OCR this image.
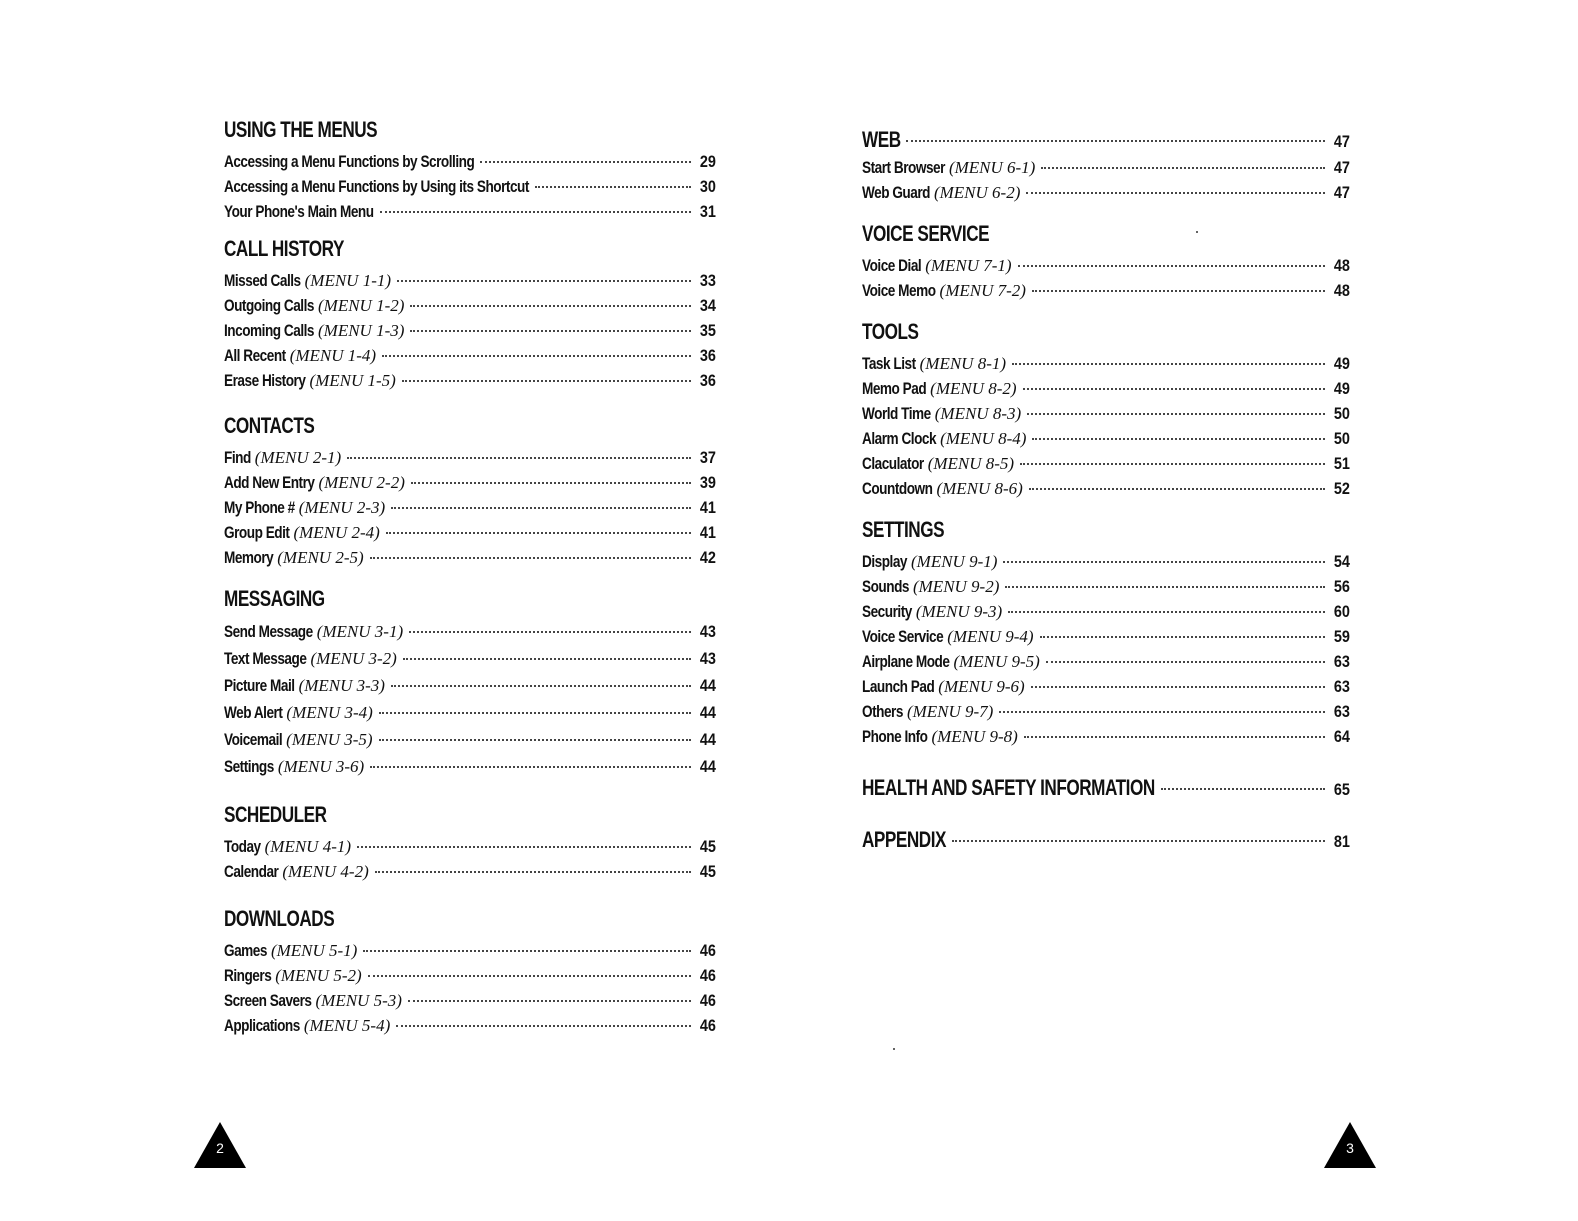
USING THE MENUS
Accessing a Menu Functions by Scrolling	29
Accessing a Menu Functions by Using its Shortcut	30
Your Phone's Main Menu	31
CALL HISTORY
Missed Calls (MENU 1-1)	33
Outgoing Calls (MENU 1-2)	34
Incoming Calls (MENU 1-3)	35
All Recent (MENU 1-4)	36
Erase History (MENU 1-5)	36
CONTACTS
Find (MENU 2-1)	37
Add New Entry (MENU 2-2)	39
My Phone # (MENU 2-3)	41
Group Edit (MENU 2-4)	41
Memory (MENU 2-5)	42
MESSAGING
Send Message (MENU 3-1)	43
Text Message (MENU 3-2)	43
Picture Mail (MENU 3-3)	44
Web Alert (MENU 3-4)	44
Voicemail (MENU 3-5)	44
Settings (MENU 3-6)	44
SCHEDULER
Today (MENU 4-1)	45
Calendar (MENU 4-2)	45
DOWNLOADS
Games (MENU 5-1)	46
Ringers (MENU 5-2)	46
Screen Savers (MENU 5-3)	46
Applications (MENU 5-4)	46
WEB	47
Start Browser (MENU 6-1)	47
Web Guard (MENU 6-2)	47
VOICE SERVICE
Voice Dial (MENU 7-1)	48
Voice Memo (MENU 7-2)	48
TOOLS
Task List (MENU 8-1)	49
Memo Pad (MENU 8-2)	49
World Time (MENU 8-3)	50
Alarm Clock (MENU 8-4)	50
Claculator (MENU 8-5)	51
Countdown (MENU 8-6)	52
SETTINGS
Display (MENU 9-1)	54
Sounds (MENU 9-2)	56
Security (MENU 9-3)	60
Voice Service (MENU 9-4)	59
Airplane Mode (MENU 9-5)	63
Launch Pad (MENU 9-6)	63
Others (MENU 9-7)	63
Phone Info (MENU 9-8)	64
HEALTH AND SAFETY INFORMATION	65
APPENDIX	81
2	3
